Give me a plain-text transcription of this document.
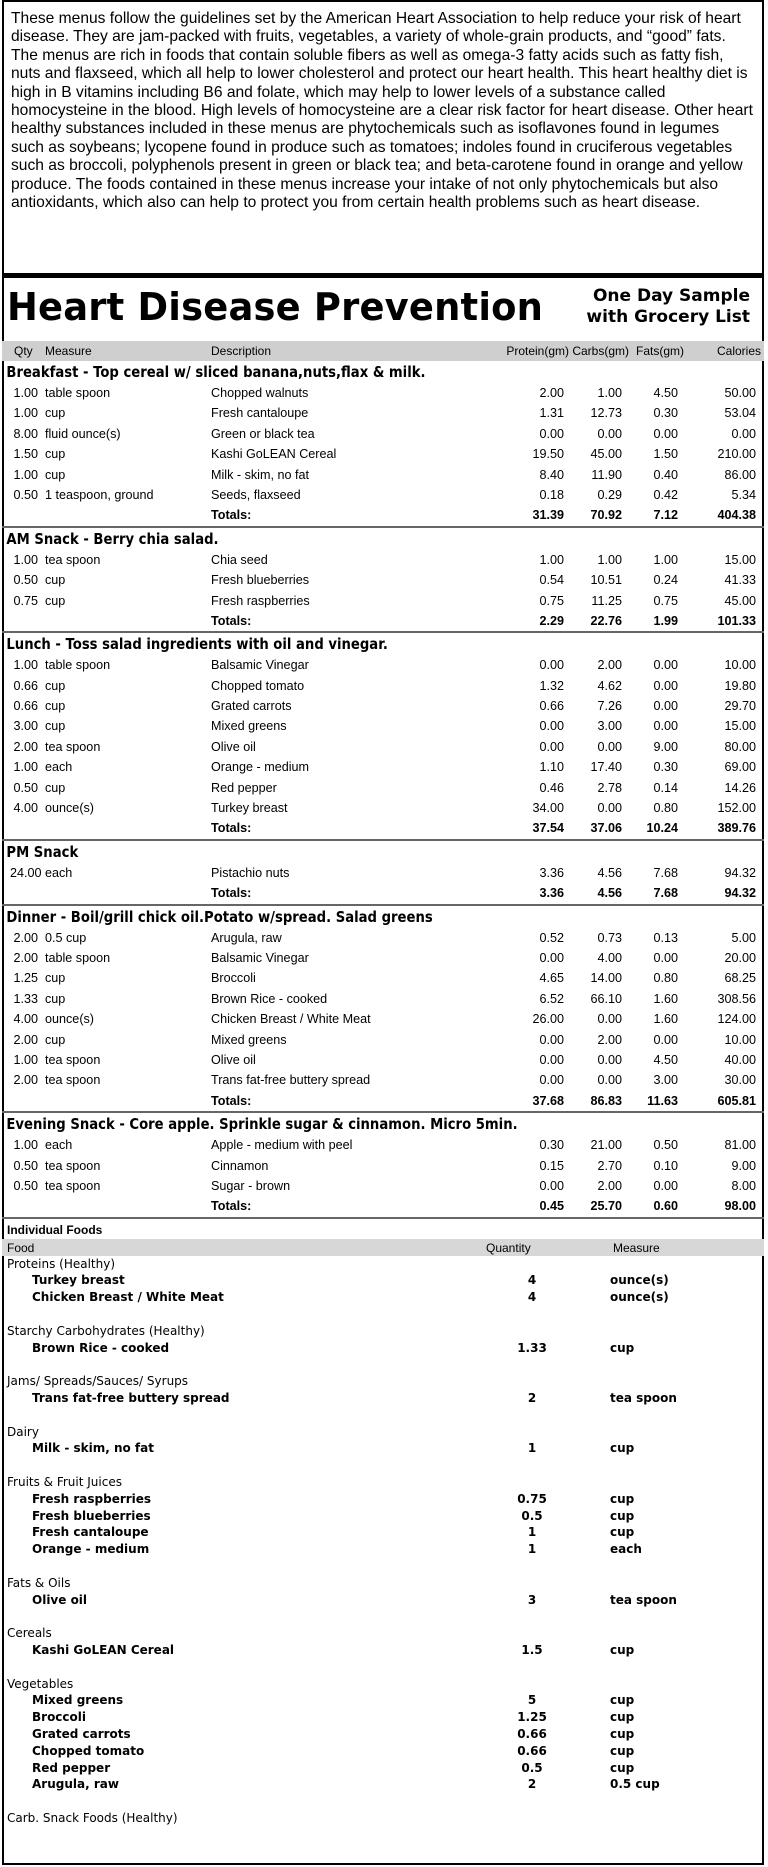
These menus follow the guidelines set by the American Heart Association to help reduce your risk of heart disease. They are jam-packed with fruits, vegetables, a variety of whole-grain products, and “good” fats. The menus are rich in foods that contain soluble fibers as well as omega-3 fatty acids such as fatty fish, nuts and flaxseed, which all help to lower cholesterol and protect our heart health. This heart healthy diet is high in B vitamins including B6 and folate, which may help to lower levels of a substance called homocysteine in the blood. High levels of homocysteine are a clear risk factor for heart disease. Other heart healthy substances included in these menus are phytochemicals such as isoflavones found in legumes such as soybeans; lycopene found in produce such as tomatoes; indoles found in cruciferous vegetables such as broccoli, polyphenols present in green or black tea; and beta-carotene found in orange and yellow produce. The foods contained in these menus increase your intake of not only phytochemicals but also antioxidants, which also can help to protect you from certain health problems such as heart disease.
Heart Disease Prevention	One Day Sample with Grocery List
Qty Measure	Description	Protein(gm) Carbs(gm) Fats(gm)	Calories
Breakfast - Top cereal w/ sliced banana,nuts,flax & milk.
1.00 table spoon	Chopped walnuts	2.00	1.00 4.50	50.00
1.00 cup	Fresh cantaloupe	1.31 12.73 0.30	53.04
8.00 fluid ounce(s)	Green or black tea	0.00	0.00 0.00	0.00
1.50 cup	Kashi GoLEAN Cereal	19.50 45.00 1.50	210.00
1.00 cup	Milk - skim, no fat	8.40 11.90 0.40	86.00
0.50 1 teaspoon, ground	Seeds, flaxseed	0.18	0.29 0.42	5.34
Totals:	31.39 70.92 7.12	404.38
AM Snack - Berry chia salad.
1.00 tea spoon	Chia seed	1.00	1.00 1.00	15.00
0.50 cup	Fresh blueberries	0.54 10.51 0.24	41.33
0.75 cup	Fresh raspberries	0.75 11.25 0.75	45.00
Totals:	2.29 22.76 1.99	101.33
Lunch - Toss salad ingredients with oil and vinegar.
1.00 table spoon	Balsamic Vinegar	0.00	2.00 0.00	10.00
0.66 cup	Chopped tomato	1.32	4.62 0.00	19.80
0.66 cup	Grated carrots	0.66	7.26 0.00	29.70
3.00 cup	Mixed greens	0.00	3.00 0.00	15.00
2.00 tea spoon	Olive oil	0.00	0.00 9.00	80.00
1.00 each	Orange - medium	1.10 17.40 0.30	69.00
0.50 cup	Red pepper	0.46	2.78 0.14	14.26
4.00 ounce(s)	Turkey breast	34.00	0.00 0.80	152.00
Totals:	37.54 37.06 10.24	389.76
PM Snack
24.00 each	Pistachio nuts	3.36	4.56 7.68	94.32
Totals:	3.36	4.56 7.68	94.32
Dinner - Boil/grill chick oil.Potato w/spread. Salad greens
2.00 0.5 cup	Arugula, raw	0.52	0.73 0.13	5.00
2.00 table spoon	Balsamic Vinegar	0.00	4.00 0.00	20.00
1.25 cup	Broccoli	4.65 14.00 0.80	68.25
1.33 cup	Brown Rice - cooked	6.52 66.10 1.60	308.56
4.00 ounce(s)	Chicken Breast / White Meat	26.00	0.00 1.60	124.00
2.00 cup	Mixed greens	0.00	2.00 0.00	10.00
1.00 tea spoon	Olive oil	0.00	0.00 4.50	40.00
2.00 tea spoon	Trans fat-free buttery spread	0.00	0.00 3.00	30.00
Totals:	37.68 86.83 11.63	605.81
Evening Snack - Core apple. Sprinkle sugar & cinnamon. Micro 5min.
1.00 each	Apple - medium with peel	0.30 21.00 0.50	81.00
0.50 tea spoon	Cinnamon	0.15	2.70 0.10	9.00
0.50 tea spoon	Sugar - brown	0.00	2.00 0.00	8.00
Totals:	0.45 25.70 0.60	98.00
Individual Foods
Food	Quantity	Measure
Proteins (Healthy)
Turkey breast	4	ounce(s)
Chicken Breast / White Meat	4	ounce(s)
Starchy Carbohydrates (Healthy)
Brown Rice - cooked	1.33	cup
Jams/ Spreads/Sauces/ Syrups
Trans fat-free buttery spread	2	tea spoon
Dairy
Milk - skim, no fat	1	cup
Fruits & Fruit Juices
Fresh raspberries	0.75	cup
Fresh blueberries	0.5	cup
Fresh cantaloupe	1	cup
Orange - medium	1	each
Fats & Oils
Olive oil	3	tea spoon
Cereals
Kashi GoLEAN Cereal	1.5	cup
Vegetables
Mixed greens	5	cup
Broccoli	1.25	cup
Grated carrots	0.66	cup
Chopped tomato	0.66	cup
Red pepper	0.5	cup
Arugula, raw	2	0.5 cup
Carb. Snack Foods (Healthy)
